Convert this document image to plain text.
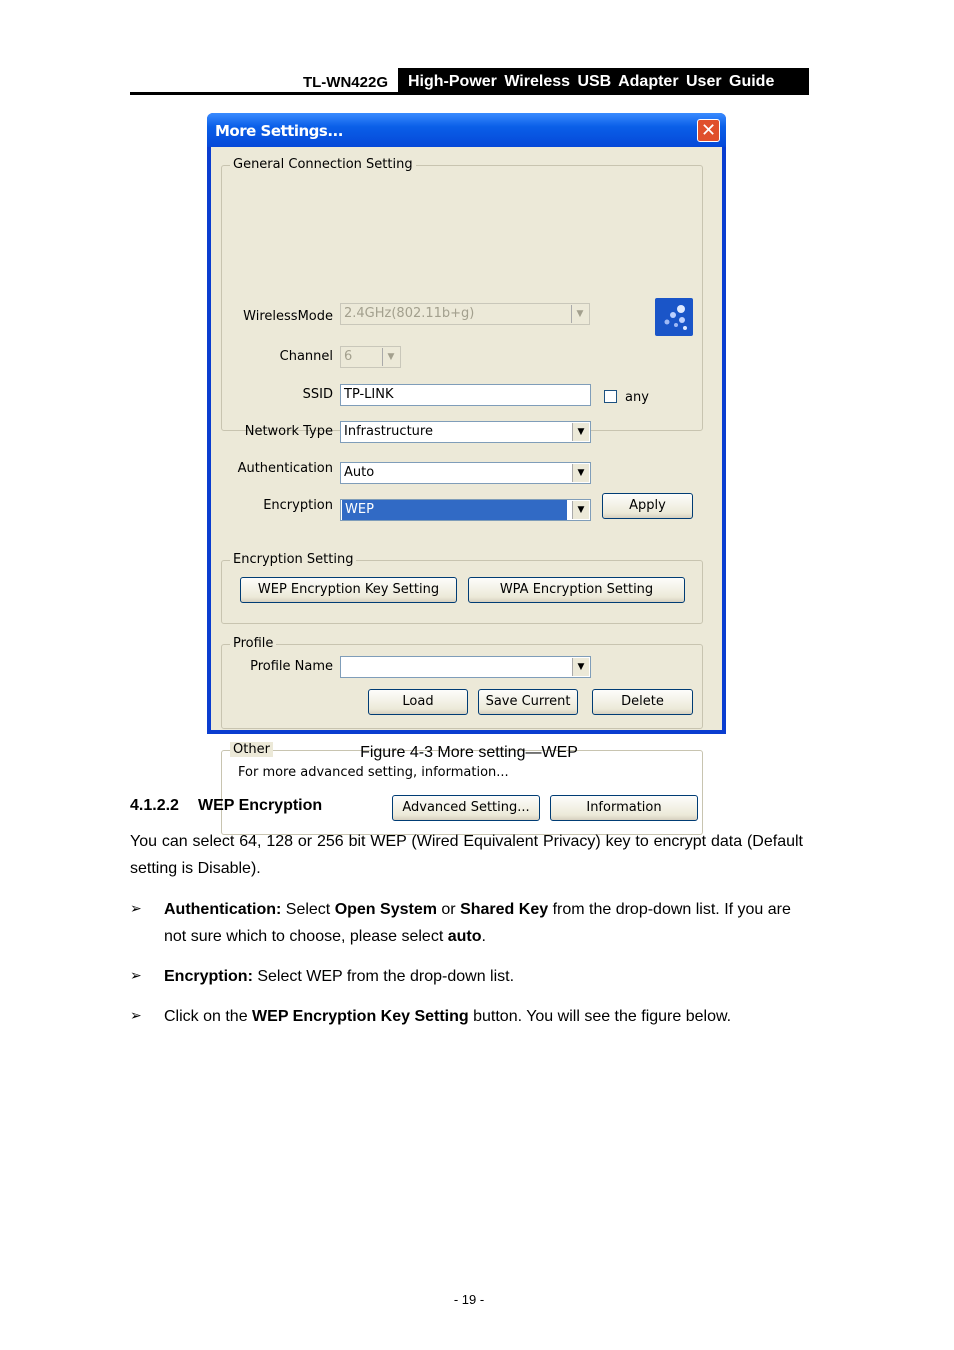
TL-WN422G	High-Power Wireless USB Adapter User Guide
More Settings...	✕
General Connection Setting
WirelessMode 2.4GHz(802.11b+g)	▼
Channel 6	▼
SSID TP-LINK	any
Network Type Infrastructure	▼
Authentication Auto	▼
Encryption WEP	▼	Apply
Encryption Setting
WEP Encryption Key Setting	WPA Encryption Setting
Profile
Profile Name	▼
Load	Save Current	Delete
Other
For more advanced setting, information...
Advanced Setting...	Information
Figure 4-3 More setting—WEP
4.1.2.2 WEP Encryption
You can select 64, 128 or 256 bit WEP (Wired Equivalent Privacy) key to encrypt data (Default setting is Disable).
➢ Authentication: Select Open System or Shared Key from the drop-down list. If you are not sure which to choose, please select auto.
➢ Encryption: Select WEP from the drop-down list.
➢ Click on the WEP Encryption Key Setting button. You will see the figure below.
- 19 -
